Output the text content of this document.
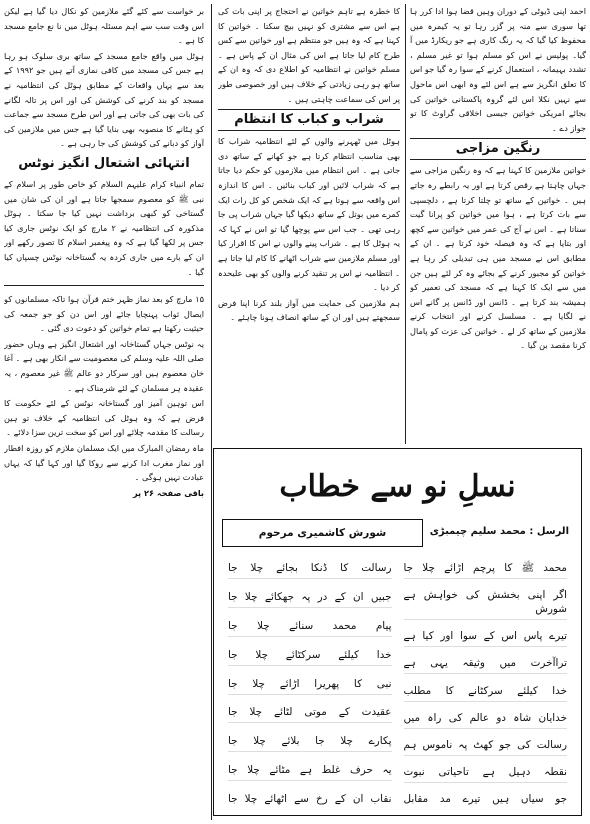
احمد اپنی ڈیوٹی کے دوران وہیں قضا ہوا ادا کرر ہا تھا سوری سے منہ پر گزر رہا تو یہ کیمرہ میں محفوظ کیا گیا کہ یہ رنگ کاری ہے جو ریکارڈ میں آ گیا۔ پولیس نے اس کو مسلم ہوا تو غیر مسلم ، تشدد بہیمانہ ، استعمال کرنے کے سوا رہ گیا جو اس کا تعلق انگریز سے ہے اس لئے وہ ابھی اس ماحول سے نہیں نکلا اس لئے گروہ پاکستانی خواتین کی بجائے امریکی خواتین جیسی اخلاقی گراوٹ کا تو جواز دے ۔

رنگین مزاجی

خواتین ملازمین کا کہنا ہے کہ وہ رنگین مزاجی سے جہاں چاہتا ہے رقص کرتا ہے اور یہ رابطے رہ جاتے ہیں ۔ خواتین کے ساتھ تو چلتا کرتا ہے ، دلچسپی سے بات کرتا ہے ، ہوا میں خواتین کو پرانا گیت سناتا ہے ۔ اس نے آج کی عمر میں خواتین سے کچھ اور بتایا ہے کہ وہ فیصلہ خود کرتا ہے ۔ ان کے مطابق اس نے مسجد میں ہی تبدیلی کر رہا ہے خواتین کو مجبور کرنے کے بجائے وہ کر لئے ہیں جن میں سے ایک کا کہنا ہے کہ مسجد کی تعمیر کو ہمیشہ بند کرتا ہے ۔ ڈانس اور ڈانس پر گانے اس نے لگایا ہے ۔ مسلسل کرنے اور انتخاب کرنے ملازمین کے ساتھ کر لے ۔ خواتین کی عزت کو پامال کرنا مقصد بن گیا ۔

کا خطرہ ہے تاہم خواتین نے احتجاج پر اپنی بات کی ہے اس سے مشتری کو نہیں بیچ سکتا ۔ خواتین کا کہنا ہے کہ وہ ہیں جو منتظم ہے اور خواتین سے کس طرح کام لیا جاتا ہے اس کی مثال ان کے پاس ہے ۔ مسلم خواتین نے انتظامیہ کو اطلاع دی کہ وہ ان کے ساتھ ہو رہی زیادتی کے خلاف ہیں اور خصوصی طور پر اس کی سماعت چاہتی ہیں ۔

شراب و کباب کا انتظام

ہوٹل میں ٹھہرنے والوں کے لئے انتظامیہ شراب کا بھی مناسب انتظام کرتا ہے جو کھانے کے ساتھ دی جاتی ہے ۔ اس انتظام میں ملازموں کو حکم دیا جاتا ہے کہ شراب لائیں اور کباب بنائیں ۔ اس کا اندازہ اس واقعہ سے ہوتا ہے کہ ایک شخص کو کل رات ایک کمرے میں بوتل کے ساتھ دیکھا گیا جہاں شراب پی جا رہی تھی ۔ جب اس سے پوچھا گیا تو اس نے کہا کہ یہ ہوٹل کا ہے ۔ شراب پینے والوں نے اس کا اقرار کیا اور مسلم ملازمین سے شراب اٹھانے کا کام لیا جاتا ہے ۔ انتظامیہ نے اس پر تنقید کرنے والوں کو بھی علیحدہ کر دیا ۔

ہم ملازمین کی حمایت میں آواز بلند کرنا اپنا فرض سمجھتے ہیں اور ان کے ساتھ انصاف ہونا چاہئے ۔

بر خواست سے کئے گئے ملازمین کو نکال دیا گیا ہے لیکن اس وقت سب سے اہم مسئلہ ہوٹل میں نا نع جامع مسجد کا ہے ۔

ہوٹل میں واقع جامع مسجد کے ساتھ بری سلوک ہو رہا ہے جس کی مسجد میں کافی نمازی آتے ہیں جو ۱۹۹۲ کے بعد سے یہاں واقعات کے مطابق ہوٹل کی انتظامیہ نے مسجد کو بند کرنے کی کوشش کی اور اس پر تالہ لگانے کی بات بھی کی جاتی ہے اور اس طرح مسجد سے جماعت کو ہٹانے کا منصوبہ بھی بنایا گیا ہے جس میں ملازمین کی آواز کو دبانے کی کوشش کی جا رہی ہے ۔

انتہائی اشتعال انگیز نوٹس

تمام انبیاء کرام علیہم السلام کو خاص طور پر اسلام کے نبی ﷺ کو معصوم سمجھا جاتا ہے اور ان کی شان میں گستاخی کو کبھی برداشت نہیں کیا جا سکتا ۔ ہوٹل مذکورہ کی انتظامیہ نے ۲ مارچ کو ایک نوٹس جاری کیا جس پر لکھا گیا ہے کہ وہ پیغمبر اسلام کا تصور رکھے اور ان کے بارے میں جاری کردہ یہ گستاخانہ نوٹس چسپاں کیا گیا ۔

۱۵ مارچ کو بعد نماز ظہر ختم قرآن ہوا تاکہ مسلمانوں کو ایصال ثواب پہنچایا جائے اور اس دن کو جو جمعہ کی حیثیت رکھتا ہے تمام خواتین کو دعوت دی گئی ۔

یہ نوٹس جہاں گستاخانہ اور اشتعال انگیز ہے وہاں حضور صلی اللہ علیہ وسلم کی معصومیت سے انکار بھی ہے ۔ آغا خان معصوم ہیں اور سرکار دو عالم ﷺ غیر معصوم ، یہ عقیدہ ہر مسلمان کے لئے شرمناک ہے ۔

اس توہین آمیز اور گستاخانہ نوٹس کے لئے حکومت کا فرض ہے کہ وہ ہوٹل کی انتظامیہ کے خلاف تو ہین رسالت کا مقدمہ چلائے اور اس کو سخت ترین سزا دلائے ۔

ماہ رمضان المبارک میں ایک مسلمان ملازم کو روزہ افطار اور نماز مغرب ادا کرنے سے روکا گیا اور کہا گیا کہ یہاں عبادت نہیں ہوگی ۔

باقی صفحہ ۲۶ پر	نسلِ نو سے خطاب
الرسل : محمد سلیم چیمبڑی
شورش کاشمیری مرحوم
محمد ﷺ کا پرچم اڑائے چلا جا
اگر اپنی بخشش کی خواہش ہے شورش
تیرے پاس اس کے سوا اور کیا ہے
تراآخرت میں وثیقہ یہی ہے
خدا کیلئے سرکٹانے کا مطلب
خدایان شاہ دو عالم کی راہ میں
رسالت کی جو کھٹ پہ ناموس ہم
نقطہ دہیل ہے تاحیاتی نبوت
جو سیاں ہیں تیرے مد مقابل
رسالت کا ڈنکا بجائے چلا جا
جبیں ان کے در پہ جھکائے چلا جا
پیام محمد سنائے چلا جا
خدا کیلئے سرکٹائے چلا جا
نبی کا پھریرا اڑائے چلا جا
عقیدت کے موتی لٹائے چلا جا
پکارے چلا جا بلائے چلا جا
یہ حرف غلط ہے مٹائے چلا جا
نقاب ان کے رخ سے اٹھائے چلا جا
